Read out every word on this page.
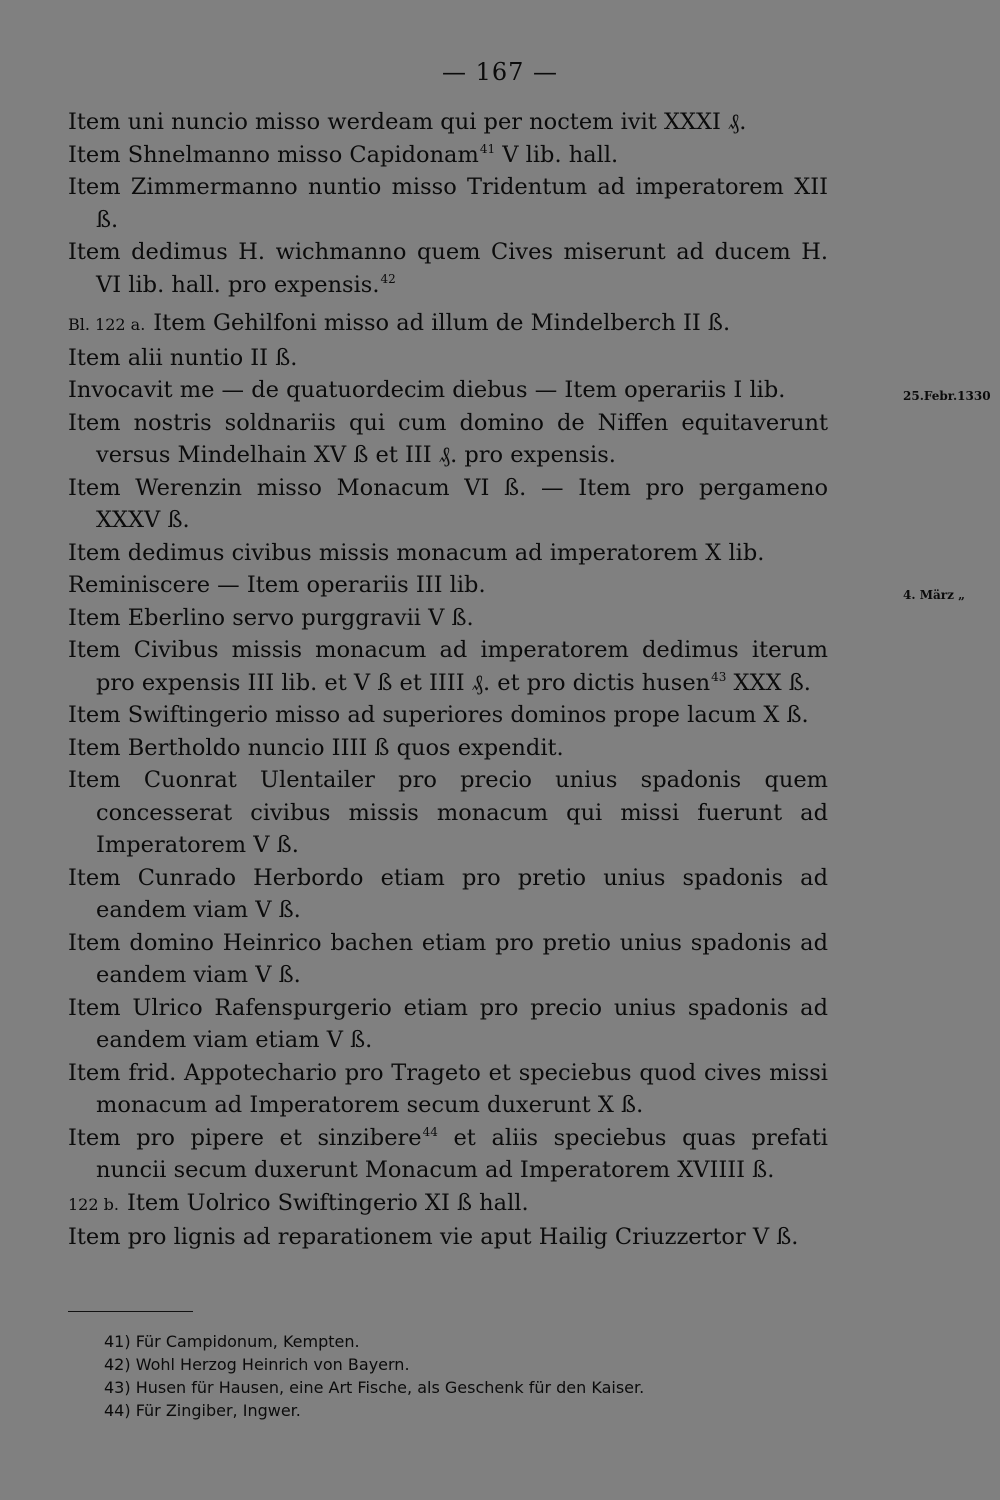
— 167 —
Item uni nuncio misso werdeam qui per noctem ivit XXXI ₰.
Item Shnelmanno misso Capidonam$^{41}$ V lib. hall.
Item Zimmermanno nuntio misso Tridentum ad imperatorem XII ß.
Item dedimus H. wichmanno quem Cives miserunt ad ducem H. VI lib. hall. pro expensis.$^{42}$
Bl. 122 a. Item Gehilfoni misso ad illum de Mindelberch II ß.
Item alii nuntio II ß.
Invocavit me — de quatuordecim diebus — Item operariis I lib.	25.Febr.1330
Item nostris soldnariis qui cum domino de Niffen equitaverunt versus Mindelhain XV ß et III ₰. pro expensis.
Item Werenzin misso Monacum VI ß. — Item pro pergameno XXXV ß.
Item dedimus civibus missis monacum ad imperatorem X lib.
Reminiscere — Item operariis III lib.	4. März „
Item Eberlino servo purggravii V ß.
Item Civibus missis monacum ad imperatorem dedimus iterum pro expensis III lib. et V ß et IIII ₰. et pro dictis husen$^{43}$ XXX ß.
Item Swiftingerio misso ad superiores dominos prope lacum X ß.
Item Bertholdo nuncio IIII ß quos expendit.
Item Cuonrat Ulentailer pro precio unius spadonis quem concesserat civibus missis monacum qui missi fuerunt ad Imperatorem V ß.
Item Cunrado Herbordo etiam pro pretio unius spadonis ad eandem viam V ß.
Item domino Heinrico bachen etiam pro pretio unius spadonis ad eandem viam V ß.
Item Ulrico Rafenspurgerio etiam pro precio unius spadonis ad eandem viam etiam V ß.
Item frid. Appotechario pro Trageto et speciebus quod cives missi monacum ad Imperatorem secum duxerunt X ß.
Item pro pipere et sinzibere$^{44}$ et aliis speciebus quas prefati nuncii secum duxerunt Monacum ad Imperatorem XVIIII ß.
122 b. Item Uolrico Swiftingerio XI ß hall.
Item pro lignis ad reparationem vie aput Hailig Criuzzertor V ß.
41) Für Campidonum, Kempten.
42) Wohl Herzog Heinrich von Bayern.
43) Husen für Hausen, eine Art Fische, als Geschenk für den Kaiser.
44) Für Zingiber, Ingwer.
